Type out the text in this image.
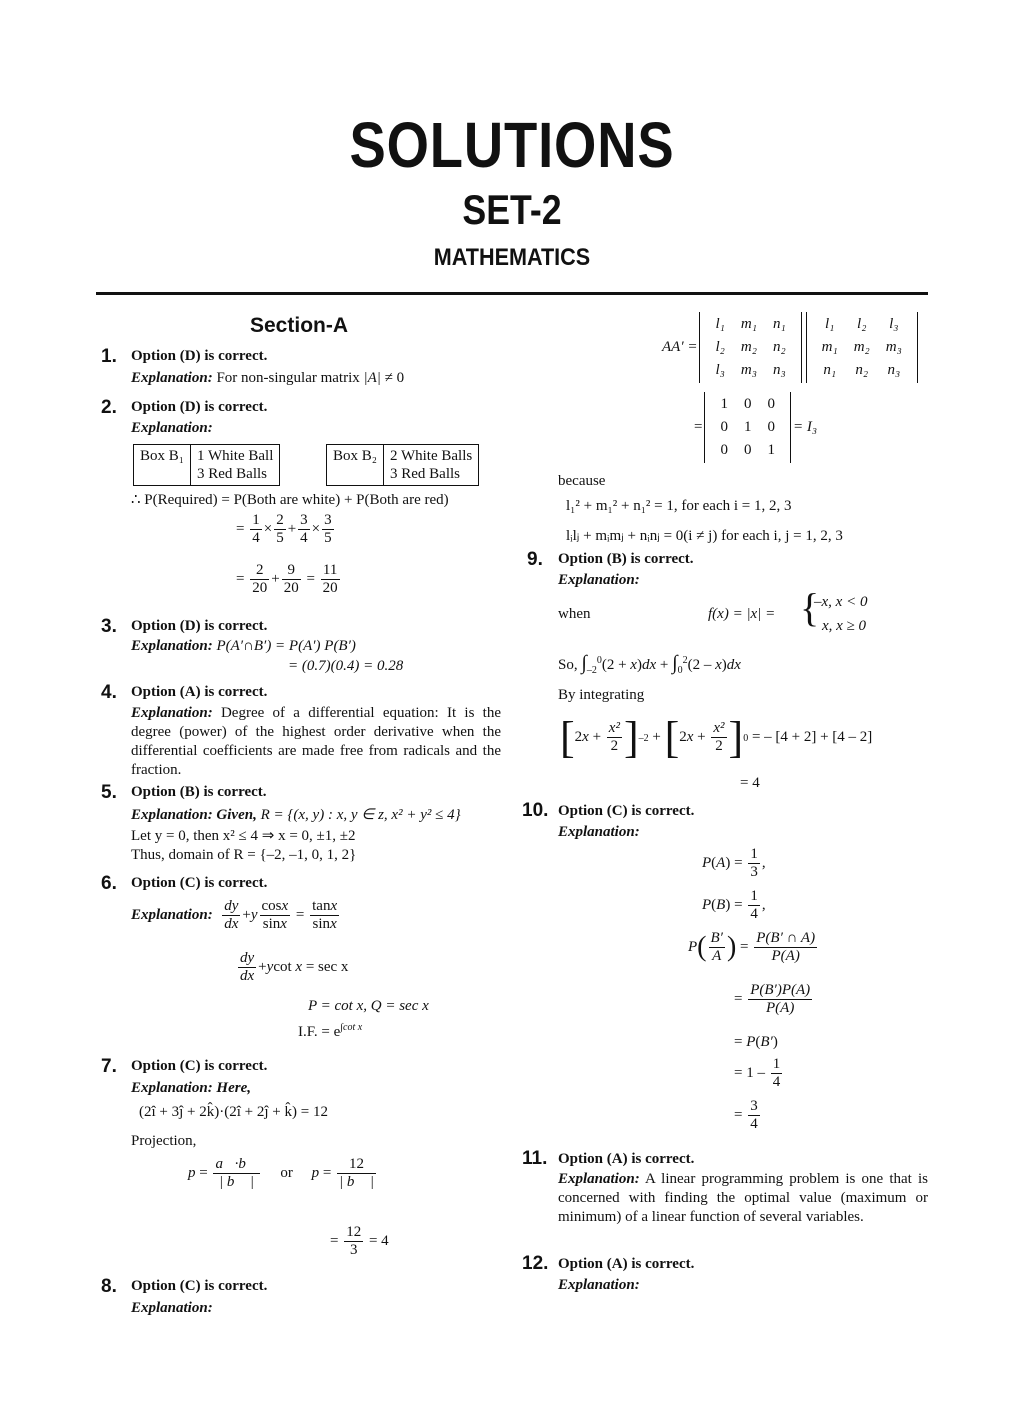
SOLUTIONS
SET-2
MATHEMATICS
Section-A
1. Option (D) is correct.
Explanation: For non-singular matrix |A| ≠ 0
2. Option (D) is correct.
Explanation:
Box B₁	1 White Ball
3 Red Balls
Box B₂	2 White Balls
3 Red Balls
∴ P(Required) = P(Both are white) + P(Both are red)
= $\frac{1}{4} \times \frac{2}{5} + \frac{3}{4} \times \frac{3}{5}$
= $\frac{2}{20} + \frac{9}{20} = \frac{11}{20}$
3. Option (D) is correct.
Explanation: P(A′∩B′) = P(A′) P(B′)
= (0.7)(0.4) = 0.28
4. Option (A) is correct.
Explanation: Degree of a differential equation: It is the degree (power) of the highest order derivative when the differential coefficients are made free from radicals and the fraction.
5. Option (B) is correct.
Explanation: Given, R = {(x, y) : x, y ∈ z, x² + y² ≤ 4}
Let y = 0, then x² ≤ 4 ⇒ x = 0, ±1, ±2
Thus, domain of R = {–2, –1, 0, 1, 2}
6. Option (C) is correct.
Explanation: $\frac{dy}{dx} +y \frac{\cos x}{\sin x} = \frac{\tan x}{\sin x}$
$\frac{dy}{dx} +ycot$ x = sec x
P = cot x, Q = sec x
I.F. = $e^{\int cot x}$
7. Option (C) is correct.
Explanation: Here,
(2î + 3ĵ + 2k̂)·(2î + 2ĵ + k̂) = 12
Projection,
$p = \frac{a⃗\cdot b⃗}{| b⃗ |}$ or $p = \frac{12}{| b⃗ |}$
= $\frac{12}{3} = 4$
8. Option (C) is correct.
Explanation:
AA′ =
l₁	m₁	n₁
l₂	m₂	n₂
l₃	m₃	n₃
l₁	l₂	l₃
m₁	m₂	m₃
n₁	n₂	n₃
=
1	0	0
0	1	0
0	0	1
= I₃
because
l₁² + m₁² + n₁² = 1, for each i = 1, 2, 3
lᵢlⱼ + mᵢmⱼ + nᵢnⱼ = 0(i ≠ j) for each i, j = 1, 2, 3
9. Option (B) is correct.
Explanation:
when	f(x) = |x| = {
–x, x < 0
x, x ≥ 0
So, $\int_{-2}^0(2 + x)dx + \int_0^2(2 - x)dx$
By integrating
$[2x + \frac{\text{x²}}{2} ]-2 + [2x + \frac{\text{x²}}{2} ]0$ = – [4 + 2] + [4 – 2]
= 4
10. Option (C) is correct.
Explanation:
$P(A) = \frac{1}{3}$ ,
$P(B) = \frac{1}{4}$ ,
$P( \frac{B'}{A}$ ) = $\frac{P(B' \cap A)}{P(A)}$
= $\frac{P(B')P(A)}{P(A)}$
= P(B′)
= $1 - \frac{1}{4}$
= $\frac{3}{4}$
11. Option (A) is correct.
Explanation: A linear programming problem is one that is concerned with finding the optimal value (maximum or minimum) of a linear function of several variables.
12. Option (A) is correct.
Explanation:
